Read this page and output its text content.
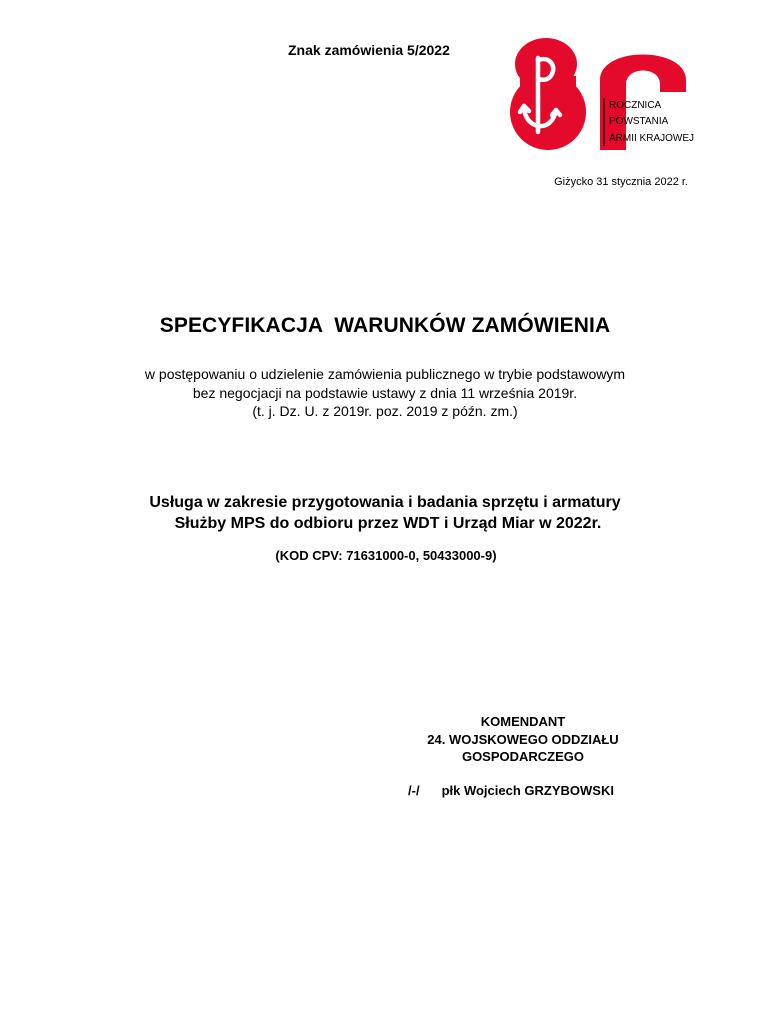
Znak zamówienia 5/2022
ROCZNICA
POWSTANIA
ARMII KRAJOWEJ
Giżycko 31 stycznia 2022 r.
SPECYFIKACJA  WARUNKÓW ZAMÓWIENIA
w postępowaniu o udzielenie zamówienia publicznego w trybie podstawowym
bez negocjacji na podstawie ustawy z dnia 11 września 2019r.
(t. j. Dz. U. z 2019r. poz. 2019 z późn. zm.)
Usługa w zakresie przygotowania i badania sprzętu i armatury
Służby MPS do odbioru przez WDT i Urząd Miar w 2022r.
(KOD CPV: 71631000-0, 50433000-9)
KOMENDANT
24. WOJSKOWEGO ODDZIAŁU
GOSPODARCZEGO
/-/ płk Wojciech GRZYBOWSKI
